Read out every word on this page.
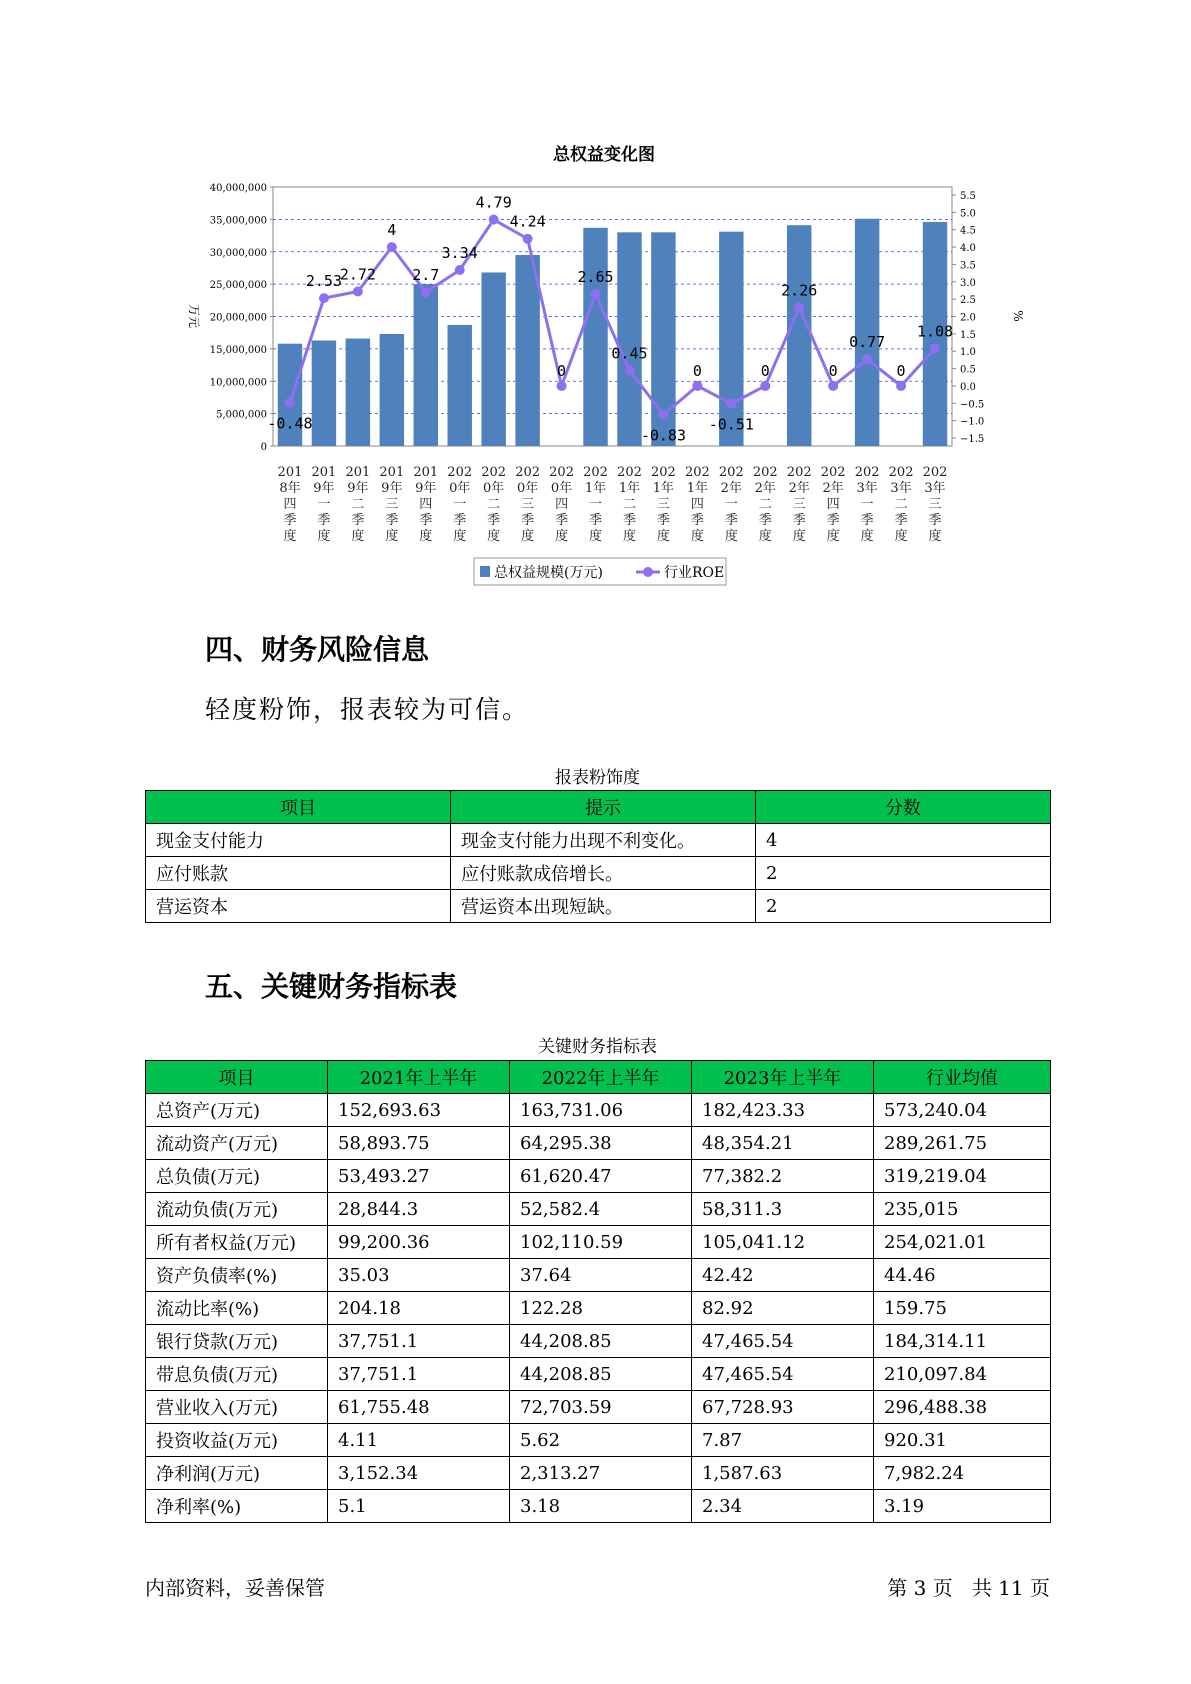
总权益变化图
40,000,000
35,000,000
30,000,000
25,000,000
20,000,000
15,000,000
10,000,000
5,000,000
0
5.5
5.0
4.5
4.0
3.5
3.0
2.5
2.0
1.5
1.0
0.5
0.0
−0.5
−1.0
−1.5
万元	%
-0.48
2.53
2.72
4
2.7
3.34
4.79
4.24
0
2.65
0.45
-0.83
0
-0.51
0
2.26
0
0.77
0
1.08
201
8年
四
季
度
201
9年
一
季
度
201
9年
二
季
度
201
9年
三
季
度
201
9年
四
季
度
202
0年
一
季
度
202
0年
二
季
度
202
0年
三
季
度
202
0年
四
季
度
202
1年
一
季
度
202
1年
二
季
度
202
1年
三
季
度
202
1年
四
季
度
202
2年
一
季
度
202
2年
二
季
度
202
2年
三
季
度
202
2年
四
季
度
202
3年
一
季
度
202
3年
二
季
度
202
3年
三
季
度
总权益规模(万元)	行业ROE
四、财务风险信息
轻度粉饰，报表较为可信。
报表粉饰度
项目	提示	分数
现金支付能力	现金支付能力出现不利变化。	4
应付账款	应付账款成倍增长。	2
营运资本	营运资本出现短缺。	2
五、关键财务指标表
关键财务指标表
项目	2021年上半年	2022年上半年	2023年上半年	行业均值
总资产(万元)	152,693.63	163,731.06	182,423.33	573,240.04
流动资产(万元)	58,893.75	64,295.38	48,354.21	289,261.75
总负债(万元)	53,493.27	61,620.47	77,382.2	319,219.04
流动负债(万元)	28,844.3	52,582.4	58,311.3	235,015
所有者权益(万元)	99,200.36	102,110.59	105,041.12	254,021.01
资产负债率(%)	35.03	37.64	42.42	44.46
流动比率(%)	204.18	122.28	82.92	159.75
银行贷款(万元)	37,751.1	44,208.85	47,465.54	184,314.11
带息负债(万元)	37,751.1	44,208.85	47,465.54	210,097.84
营业收入(万元)	61,755.48	72,703.59	67,728.93	296,488.38
投资收益(万元)	4.11	5.62	7.87	920.31
净利润(万元)	3,152.34	2,313.27	1,587.63	7,982.24
净利率(%)	5.1	3.18	2.34	3.19
内部资料，妥善保管	第 3 页   共 11 页
